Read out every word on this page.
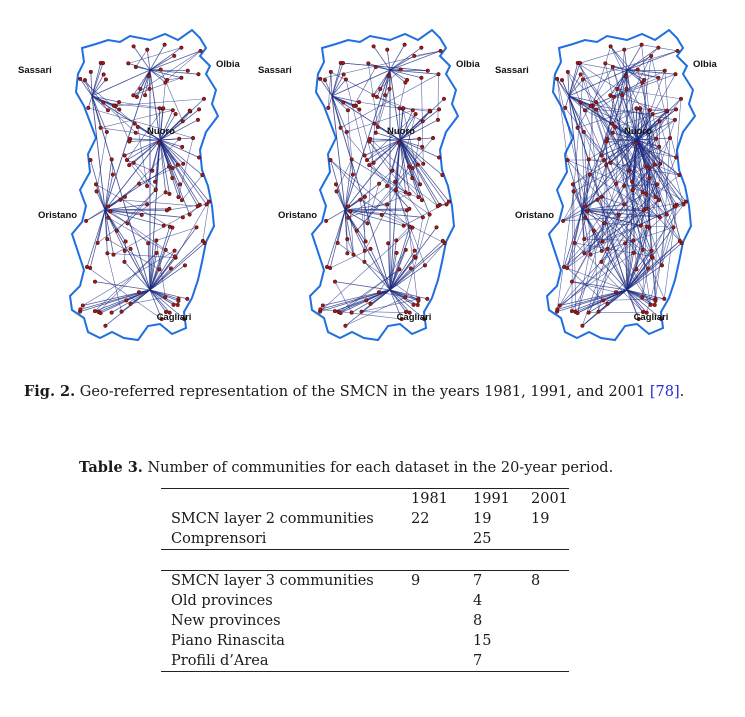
Sassari
Olbia
Nuoro
Oristano
Cagliari
Sassari
Olbia
Nuoro
Oristano
Cagliari
Sassari
Olbia
Nuoro
Oristano
Cagliari
Fig. 2. Geo-referred representation of the SMCN in the years 1981, 1991, and 2001 [78].
Table 3. Number of communities for each dataset in the 20-year period.
	1981	1991	2001
SMCN layer 2 communities	22	19	19
Comprensori		25	

SMCN layer 3 communities	9	7	8
Old provinces		4	
New provinces		8	
Piano Rinascita		15	
Profili d’Area		7	
